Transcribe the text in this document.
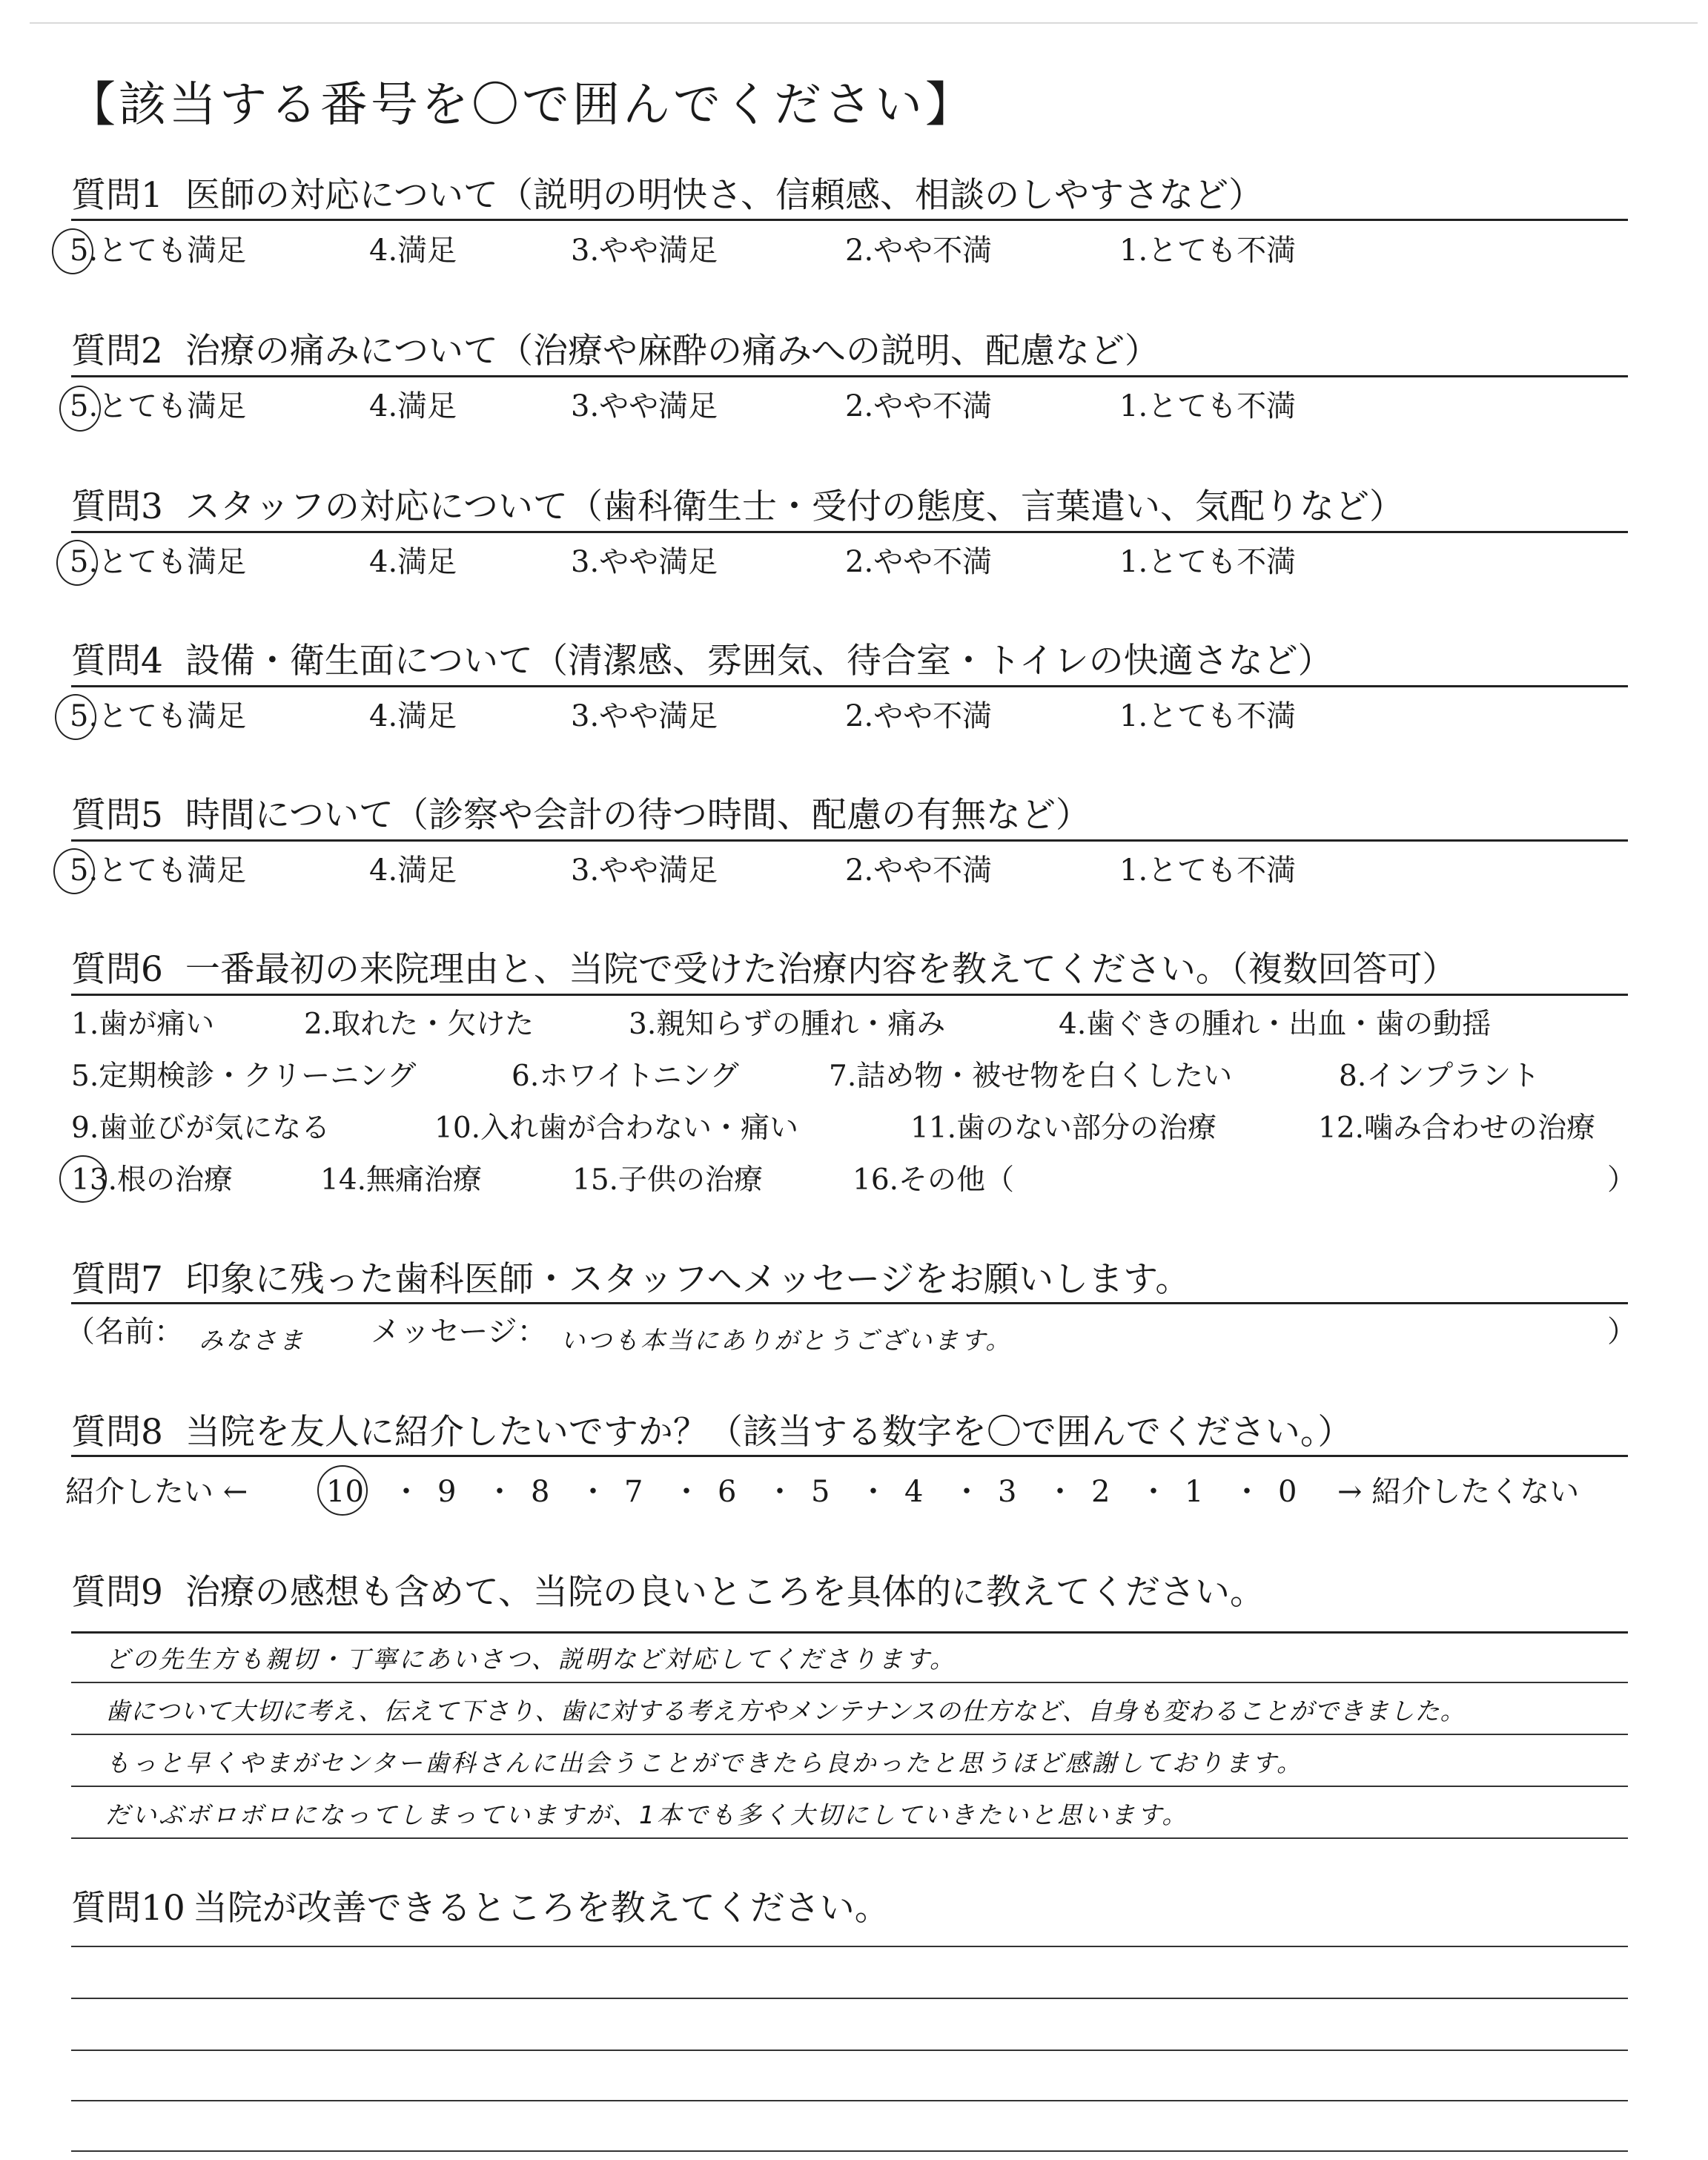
【該当する番号を〇で囲んでください】
質問1 医師の対応について（説明の明快さ、信頼感、相談のしやすさなど）
5.とても満足	4.満足	3.やや満足	2.やや不満	1.とても不満
質問2 治療の痛みについて（治療や麻酔の痛みへの説明、配慮など）
5.とても満足	4.満足	3.やや満足	2.やや不満	1.とても不満
質問3 スタッフの対応について（歯科衛生士・受付の態度、言葉遣い、気配りなど）
5.とても満足	4.満足	3.やや満足	2.やや不満	1.とても不満
質問4 設備・衛生面について（清潔感、雰囲気、待合室・トイレの快適さなど）
5.とても満足	4.満足	3.やや満足	2.やや不満	1.とても不満
質問5 時間について（診察や会計の待つ時間、配慮の有無など）
5.とても満足	4.満足	3.やや満足	2.やや不満	1.とても不満
質問6 一番最初の来院理由と、当院で受けた治療内容を教えてください。（複数回答可）
1.歯が痛い	2.取れた・欠けた	3.親知らずの腫れ・痛み	4.歯ぐきの腫れ・出血・歯の動揺
5.定期検診・クリーニング	6.ホワイトニング	7.詰め物・被せ物を白くしたい	8.インプラント
9.歯並びが気になる	10.入れ歯が合わない・痛い	11.歯のない部分の治療	12.噛み合わせの治療
13.根の治療	14.無痛治療	15.子供の治療	16.その他（	）
質問7 印象に残った歯科医師・スタッフへメッセージをお願いします。
（名前： みなさま メッセージ： いつも本当にありがとうございます。	）
質問8 当院を友人に紹介したいですか？（該当する数字を〇で囲んでください。）
紹介したい ←	10 ・ 9 ・ 8 ・ 7 ・ 6 ・ 5 ・ 4 ・ 3 ・ 2 ・ 1 ・ 0 → 紹介したくない
質問9 治療の感想も含めて、当院の良いところを具体的に教えてください。
どの先生方も親切・丁寧にあいさつ、説明など対応してくださります。
歯について大切に考え、伝えて下さり、歯に対する考え方やメンテナンスの仕方など、自身も変わることができました。
もっと早くやまがセンター歯科さんに出会うことができたら良かったと思うほど感謝しております。
だいぶボロボロになってしまっていますが、1本でも多く大切にしていきたいと思います。
質問10 当院が改善できるところを教えてください。
